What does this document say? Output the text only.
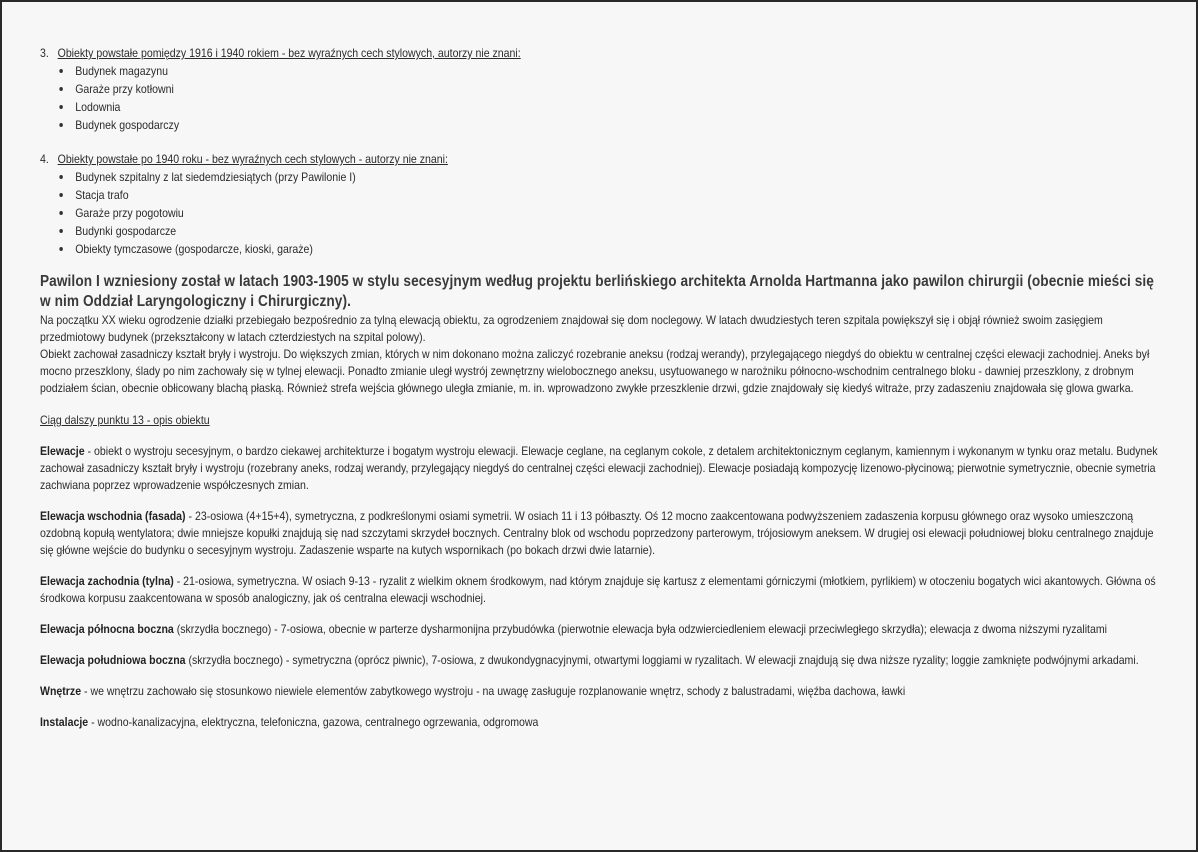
3. Obiekty powstałe pomiędzy 1916 i 1940 rokiem - bez wyraźnych cech stylowych, autorzy nie znani:
Budynek magazynu
Garaże przy kotłowni
Lodownia
Budynek gospodarczy
4. Obiekty powstałe po 1940 roku - bez wyraźnych cech stylowych - autorzy nie znani:
Budynek szpitalny z lat siedemdziesiątych (przy Pawilonie I)
Stacja trafo
Garaże przy pogotowiu
Budynki gospodarcze
Obiekty tymczasowe (gospodarcze, kioski, garaże)
Pawilon I wzniesiony został w latach 1903-1905 w stylu secesyjnym według projektu berlińskiego architekta Arnolda Hartmanna jako pawilon chirurgii (obecnie mieści się w nim Oddział Laryngologiczny i Chirurgiczny).
Na początku XX wieku ogrodzenie działki przebiegało bezpośrednio za tylną elewacją obiektu, za ogrodzeniem znajdował się dom noclegowy. W latach dwudziestych teren szpitala powiększył się i objął również swoim zasięgiem przedmiotowy budynek (przekształcony w latach czterdziestych na szpital polowy).
Obiekt zachował zasadniczy kształt bryły i wystroju. Do większych zmian, których w nim dokonano można zaliczyć rozebranie aneksu (rodzaj werandy), przylegającego niegdyś do obiektu w centralnej części elewacji zachodniej. Aneks był mocno przeszklony, ślady po nim zachowały się w tylnej elewacji. Ponadto zmianie uległ wystrój zewnętrzny wielobocznego aneksu, usytuowanego w narożniku północno-wschodnim centralnego bloku - dawniej przeszklony, z drobnym podziałem ścian, obecnie obłicowany blachą płaską. Również strefa wejścia głównego uległa zmianie, m. in. wprowadzono zwykłe przeszklenie drzwi, gdzie znajdowały się kiedyś witraże, przy zadaszeniu znajdowała się glowa gwarka.
Ciąg dalszy punktu 13 - opis obiektu
Elewacje - obiekt o wystroju secesyjnym, o bardzo ciekawej architekturze i bogatym wystroju elewacji. Elewacje ceglane, na ceglanym cokole, z detalem architektonicznym ceglanym, kamiennym i wykonanym w tynku oraz metalu. Budynek zachował zasadniczy kształt bryły i wystroju (rozebrany aneks, rodzaj werandy, przylegający niegdyś do centralnej części elewacji zachodniej). Elewacje posiadają kompozycję lizenowo-płycinową; pierwotnie symetrycznie, obecnie symetria zachwiana poprzez wprowadzenie współczesnych zmian.
Elewacja wschodnia (fasada) - 23-osiowa (4+15+4), symetryczna, z podkreślonymi osiami symetrii. W osiach 11 i 13 półbaszty. Oś 12 mocno zaakcentowana podwyższeniem zadaszenia korpusu głównego oraz wysoko umieszczoną ozdobną kopułą wentylatora; dwie mniejsze kopułki znajdują się nad szczytami skrzydeł bocznych. Centralny blok od wschodu poprzedzony parterowym, trójosiowym aneksem. W drugiej osi elewacji południowej bloku centralnego znajduje się główne wejście do budynku o secesyjnym wystroju. Zadaszenie wsparte na kutych wspornikach (po bokach drzwi dwie latarnie).
Elewacja zachodnia (tylna) - 21-osiowa, symetryczna. W osiach 9-13 - ryzalit z wielkim oknem środkowym, nad którym znajduje się kartusz z elementami górniczymi (młotkiem, pyrlikiem) w otoczeniu bogatych wici akantowych. Główna oś środkowa korpusu zaakcentowana w sposób analogiczny, jak oś centralna elewacji wschodniej.
Elewacja północna boczna (skrzydła bocznego) - 7-osiowa, obecnie w parterze dysharmonijna przybudówka (pierwotnie elewacja była odzwierciedleniem elewacji przeciwległego skrzydła); elewacja z dwoma niższymi ryzalitami
Elewacja południowa boczna (skrzydła bocznego) - symetryczna (oprócz piwnic), 7-osiowa, z dwukondygnacyjnymi, otwartymi loggiami w ryzalitach. W elewacji znajdują się dwa niższe ryzality; loggie zamknięte podwójnymi arkadami.
Wnętrze - we wnętrzu zachowało się stosunkowo niewiele elementów zabytkowego wystroju - na uwagę zasługuje rozplanowanie wnętrz, schody z balustradami, więźba dachowa, ławki
Instalacje - wodno-kanalizacyjna, elektryczna, telefoniczna, gazowa, centralnego ogrzewania, odgromowa
